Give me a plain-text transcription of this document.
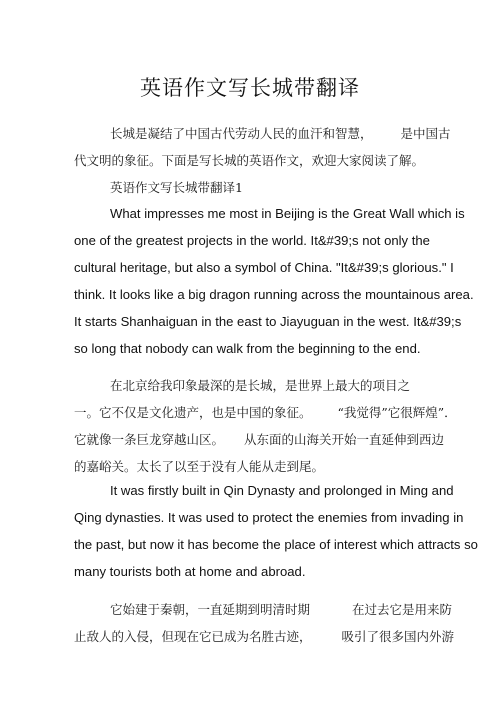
英语作文写长城带翻译
长城是凝结了中国古代劳动人民的血汗和智慧， 是中国古
代文明的象征。下面是写长城的英语作文，欢迎大家阅读了解。
英语作文写长城带翻译1
What impresses me most in Beijing is the Great Wall which is
one of the greatest projects in the world. It&#39;s not only the
cultural heritage, but also a symbol of China. "It&#39;s glorious." I
think. It looks like a big dragon running across the mountainous area.
It starts Shanhaiguan in the east to Jiayuguan in the west. It&#39;s
so long that nobody can walk from the beginning to the end.
在北京给我印象最深的是长城，是世界上最大的项目之
一。它不仅是文化遗产，也是中国的象征。 “我觉得”它很辉煌”．
它就像一条巨龙穿越山区。 从东面的山海关开始一直延伸到西边
的嘉峪关。太长了以至于没有人能从走到尾。
It was firstly built in Qin Dynasty and prolonged in Ming and
Qing dynasties. It was used to protect the enemies from invading in
the past, but now it has become the place of interest which attracts so
many tourists both at home and abroad.
它始建于秦朝，一直延期到明清时期	在过去它是用来防
止敌人的入侵，但现在它已成为名胜古迹， 吸引了很多国内外游
